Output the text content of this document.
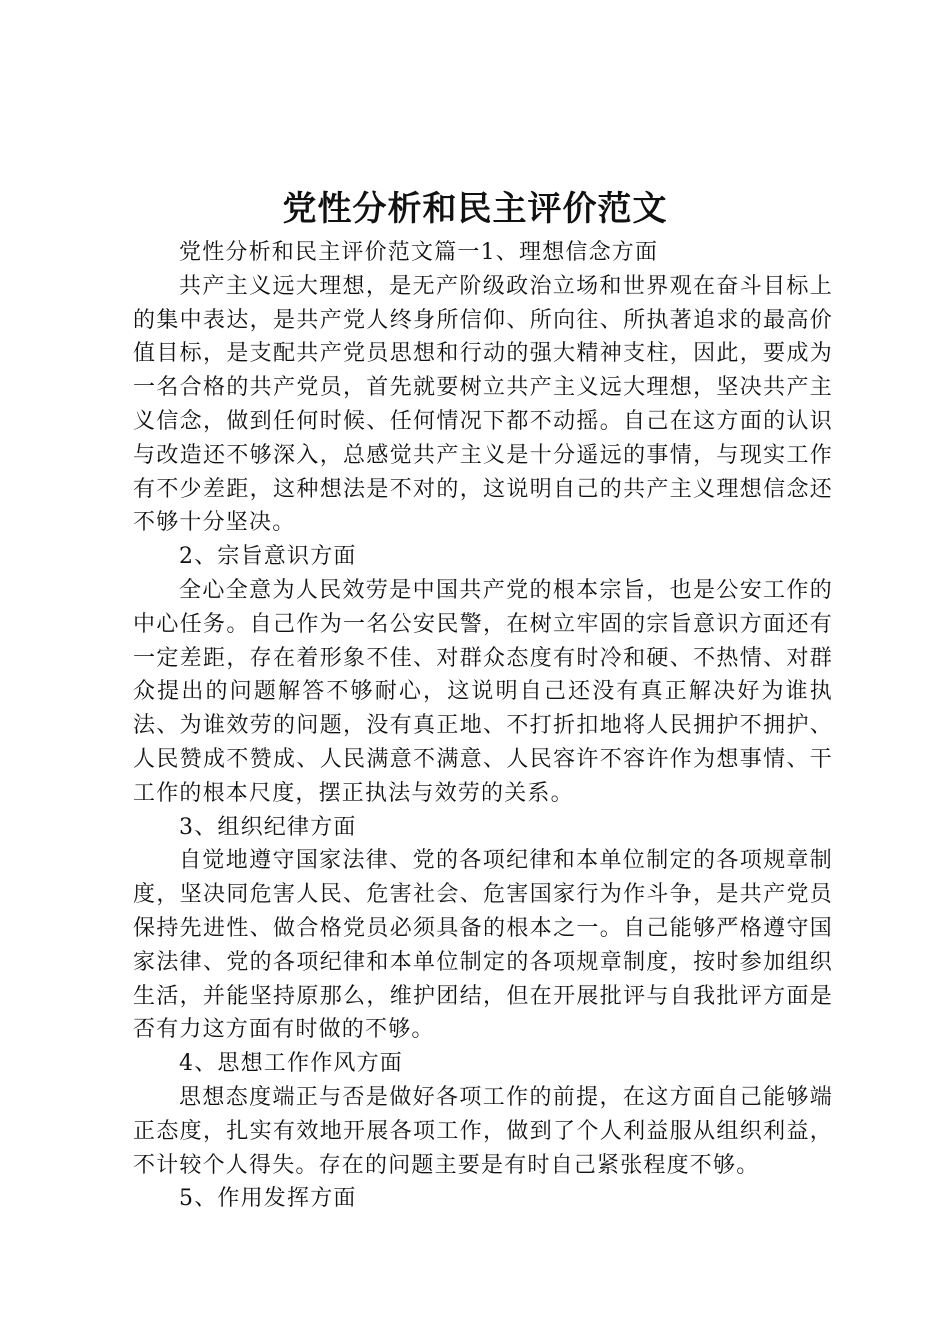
党性分析和民主评价范文

党性分析和民主评价范文篇一1、理想信念方面

共产主义远大理想，是无产阶级政治立场和世界观在奋斗目标上的集中表达，是共产党人终身所信仰、所向往、所执著追求的最高价值目标，是支配共产党员思想和行动的强大精神支柱，因此，要成为一名合格的共产党员，首先就要树立共产主义远大理想，坚决共产主义信念，做到任何时候、任何情况下都不动摇。自己在这方面的认识与改造还不够深入，总感觉共产主义是十分遥远的事情，与现实工作有不少差距，这种想法是不对的，这说明自己的共产主义理想信念还不够十分坚决。

2、宗旨意识方面

全心全意为人民效劳是中国共产党的根本宗旨，也是公安工作的中心任务。自己作为一名公安民警，在树立牢固的宗旨意识方面还有一定差距，存在着形象不佳、对群众态度有时冷和硬、不热情、对群众提出的问题解答不够耐心，这说明自己还没有真正解决好为谁执法、为谁效劳的问题，没有真正地、不打折扣地将人民拥护不拥护、人民赞成不赞成、人民满意不满意、人民容许不容许作为想事情、干工作的根本尺度，摆正执法与效劳的关系。

3、组织纪律方面

自觉地遵守国家法律、党的各项纪律和本单位制定的各项规章制度，坚决同危害人民、危害社会、危害国家行为作斗争，是共产党员保持先进性、做合格党员必须具备的根本之一。自己能够严格遵守国家法律、党的各项纪律和本单位制定的各项规章制度，按时参加组织生活，并能坚持原那么，维护团结，但在开展批评与自我批评方面是否有力这方面有时做的不够。

4、思想工作作风方面

思想态度端正与否是做好各项工作的前提，在这方面自己能够端正态度，扎实有效地开展各项工作，做到了个人利益服从组织利益，不计较个人得失。存在的问题主要是有时自己紧张程度不够。

5、作用发挥方面
